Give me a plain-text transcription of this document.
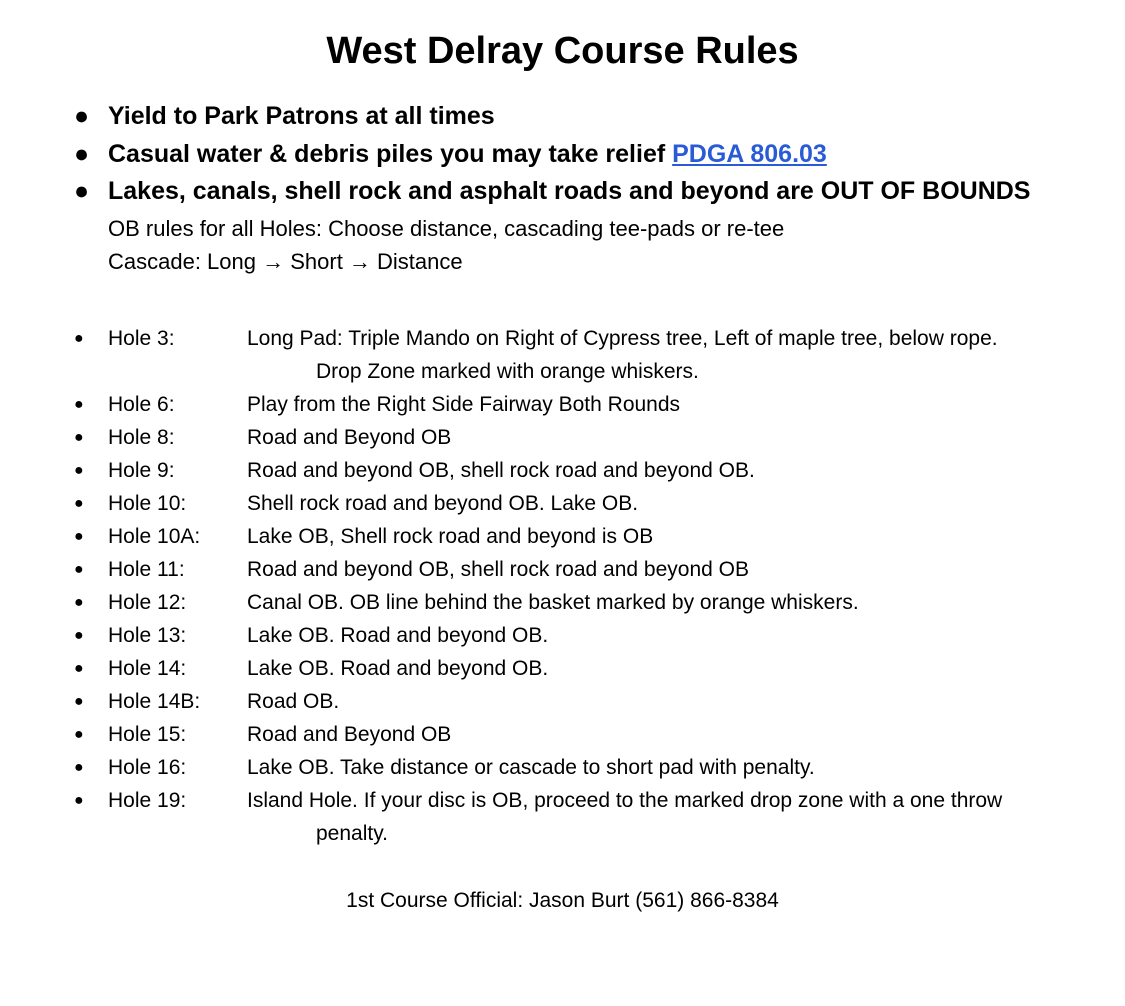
West Delray Course Rules
● Yield to Park Patrons at all times
● Casual water & debris piles you may take relief PDGA 806.03
● Lakes, canals, shell rock and asphalt roads and beyond are OUT OF BOUNDS
OB rules for all Holes: Choose distance, cascading tee-pads or re-tee
Cascade: Long → Short → Distance
● Hole 3:	Long Pad: Triple Mando on Right of Cypress tree, Left of maple tree, below rope.
Drop Zone marked with orange whiskers.
● Hole 6:	Play from the Right Side Fairway Both Rounds
● Hole 8:	Road and Beyond OB
● Hole 9:	Road and beyond OB, shell rock road and beyond OB.
● Hole 10:	Shell rock road and beyond OB. Lake OB.
● Hole 10A: Lake OB, Shell rock road and beyond is OB
● Hole 11:	Road and beyond OB, shell rock road and beyond OB
● Hole 12:	Canal OB. OB line behind the basket marked by orange whiskers.
● Hole 13:	Lake OB. Road and beyond OB.
● Hole 14:	Lake OB. Road and beyond OB.
● Hole 14B: Road OB.
● Hole 15:	Road and Beyond OB
● Hole 16:	Lake OB. Take distance or cascade to short pad with penalty.
● Hole 19:	Island Hole. If your disc is OB, proceed to the marked drop zone with a one throw
penalty.
1st Course Official: Jason Burt (561) 866-8384
